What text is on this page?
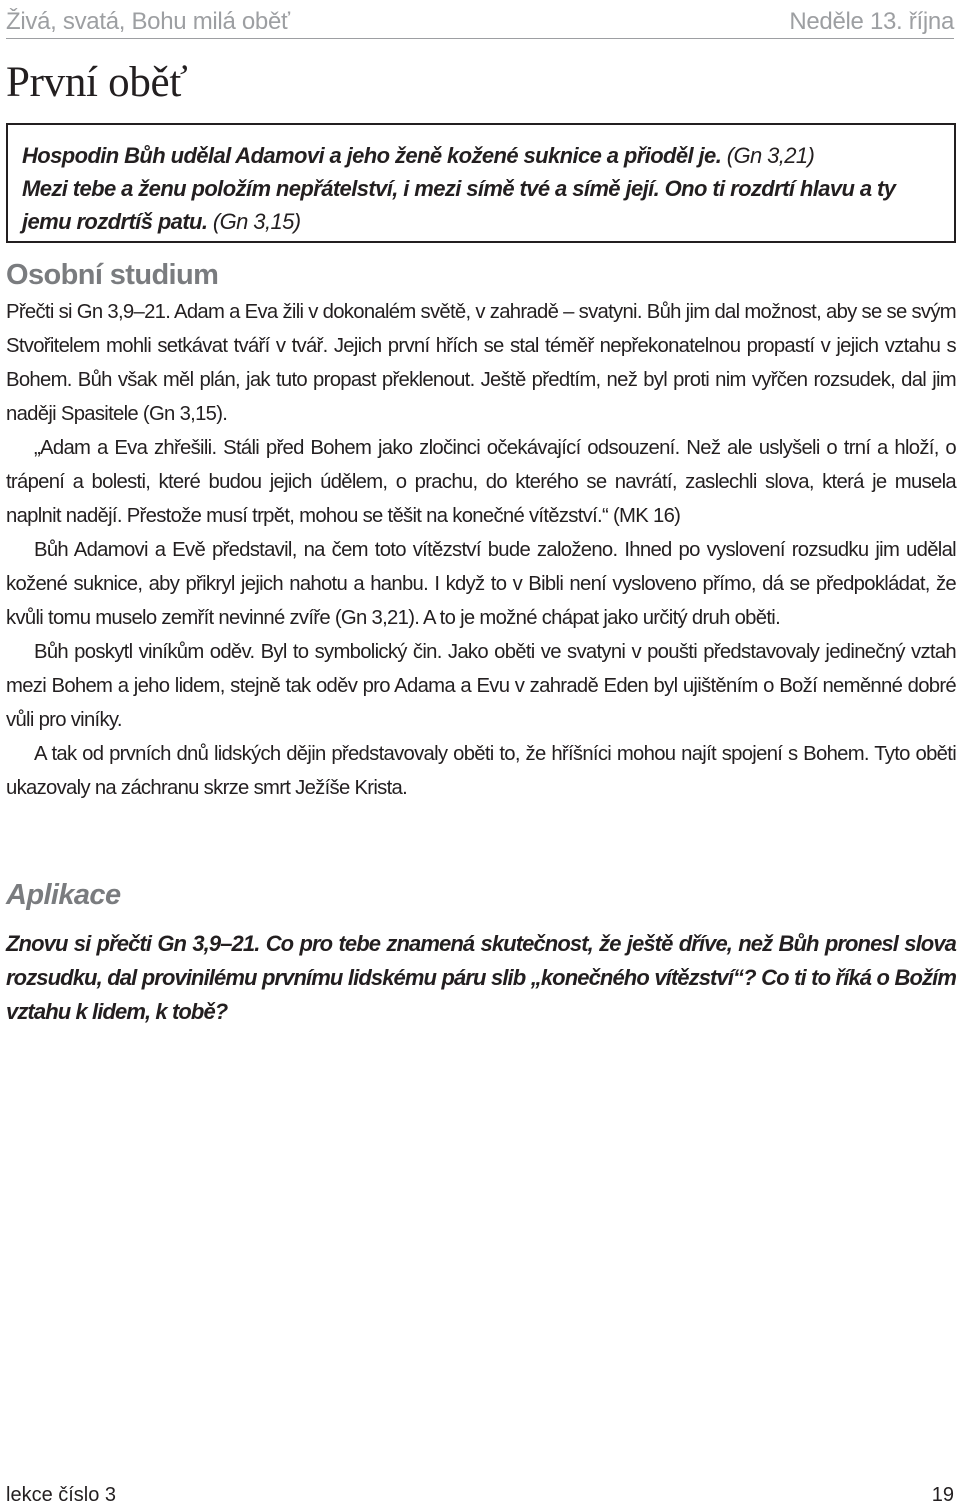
Živá, svatá, Bohu milá oběť	Neděle 13. října
První oběť
Hospodin Bůh udělal Adamovi a jeho ženě kožené suknice a přioděl je. (Gn 3,21)
Mezi tebe a ženu položím nepřátelství, i mezi símě tvé a símě její. Ono ti rozdrtí hlavu a ty jemu rozdrtíš patu. (Gn 3,15)
Osobní studium

Přečti si Gn 3,9–21. Adam a Eva žili v dokonalém světě, v zahradě – svatyni. Bůh jim dal možnost, aby se se svým Stvořitelem mohli setkávat tváří v tvář. Jejich první hřích se stal téměř nepřekonatelnou propastí v jejich vztahu s Bohem. Bůh však měl plán, jak tuto propast překlenout. Ještě předtím, než byl proti nim vyřčen rozsudek, dal jim naději Spasitele (Gn 3,15).

„Adam a Eva zhřešili. Stáli před Bohem jako zločinci očekávající odsouzení. Než ale uslyšeli o trní a hloží, o trápení a bolesti, které budou jejich údělem, o prachu, do kterého se navrátí, zaslechli slova, která je musela naplnit nadějí. Přestože musí trpět, mohou se těšit na konečné vítězství.“ (MK 16)

Bůh Adamovi a Evě představil, na čem toto vítězství bude založeno. Ihned po vyslovení rozsudku jim udělal kožené suknice, aby přikryl jejich nahotu a hanbu. I když to v Bibli není vysloveno přímo, dá se předpokládat, že kvůli tomu muselo zemřít nevinné zvíře (Gn 3,21). A to je možné chápat jako určitý druh oběti.

Bůh poskytl viníkům oděv. Byl to symbolický čin. Jako oběti ve svatyni v poušti představovaly jedinečný vztah mezi Bohem a jeho lidem, stejně tak oděv pro Adama a Evu v zahradě Eden byl ujištěním o Boží neměnné dobré vůli pro viníky.

A tak od prvních dnů lidských dějin představovaly oběti to, že hříšníci mohou najít spojení s Bohem. Tyto oběti ukazovaly na záchranu skrze smrt Ježíše Krista.

Aplikace

Znovu si přečti Gn 3,9–21. Co pro tebe znamená skutečnost, že ještě dříve, než Bůh pronesl slova rozsudku, dal provinilému prvnímu lidskému páru slib „konečného vítězství“? Co ti to říká o Božím vztahu k lidem, k tobě?

lekce číslo 3	19
